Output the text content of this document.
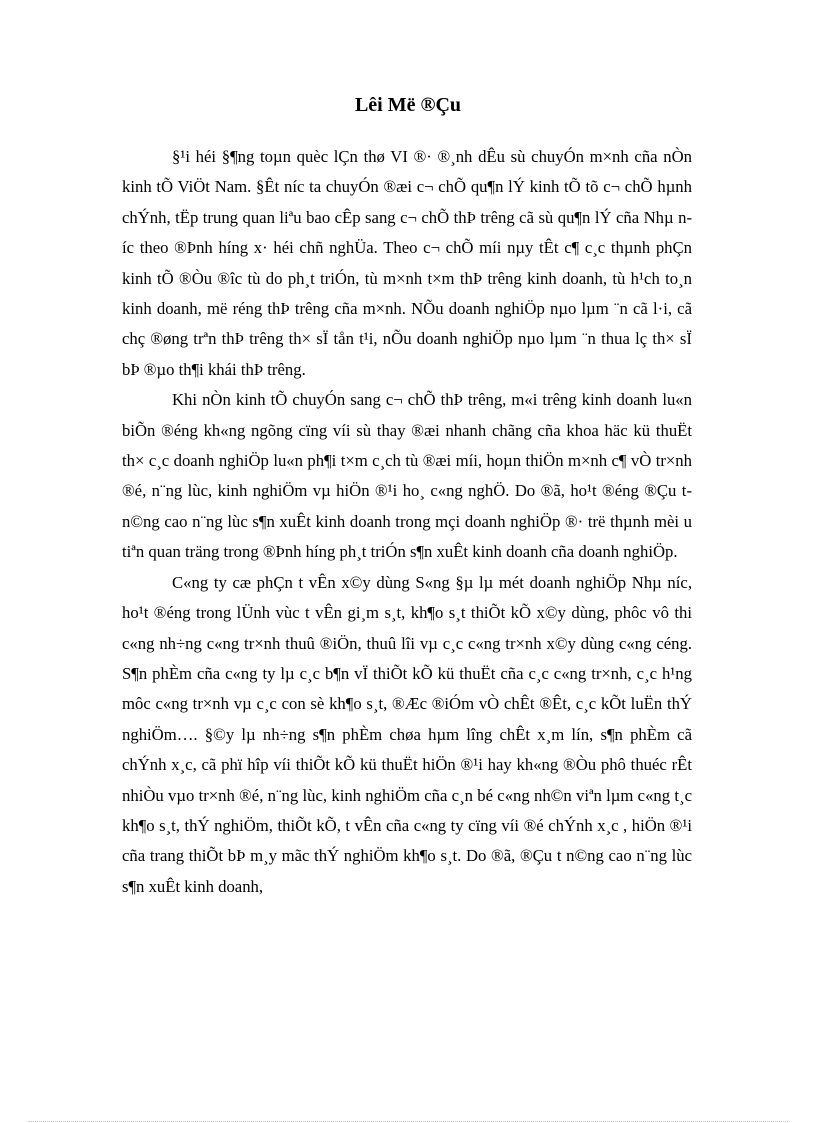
Lêi Më ®Çu

§¹i héi §¶ng toµn quèc lÇn thø VI ®· ®¸nh dÊu sù chuyÓn m×nh cña nÒn kinh tÕ ViÖt Nam. §Êt níc ta chuyÓn ®æi c¬ chÕ qu¶n lÝ kinh tÕ tõ c¬ chÕ hµnh chÝnh, tËp trung quan liªu bao cÊp sang c¬ chÕ thÞ trêng cã sù qu¶n lÝ cña Nhµ níc theo ®Þnh híng x· héi chñ nghÜa. Theo c¬ chÕ míi nµy tÊt c¶ c¸c thµnh phÇn kinh tÕ ®Òu ®îc tù do ph¸t triÓn, tù m×nh t×m thÞ trêng kinh doanh, tù h¹ch to¸n kinh doanh, më réng thÞ trêng cña m×nh. NÕu doanh nghiÖp nµo lµm ¨n cã l·i, cã chç ®øng trªn thÞ trêng th× sÏ tån t¹i, nÕu doanh nghiÖp nµo lµm ¨n thua lç th× sÏ bÞ ®µo th¶i khái thÞ trêng.

Khi nÒn kinh tÕ chuyÓn sang c¬ chÕ thÞ trêng, m«i trêng kinh doanh lu«n biÕn ®éng kh«ng ngõng cïng víi sù thay ®æi nhanh chãng cña khoa häc kü thuËt th× c¸c doanh nghiÖp lu«n ph¶i t×m c¸ch tù ®æi míi, hoµn thiÖn m×nh c¶ vÒ tr×nh ®é, n¨ng lùc, kinh nghiÖm vµ hiÖn ®¹i ho¸ c«ng nghÖ. Do ®ã, ho¹t ®éng ®Çu t n©ng cao n¨ng lùc s¶n xuÊt kinh doanh trong mçi doanh nghiÖp ®· trë thµnh mèi u tiªn quan träng trong ®Þnh híng ph¸t triÓn s¶n xuÊt kinh doanh cña doanh nghiÖp.

C«ng ty cæ phÇn t vÊn x©y dùng S«ng §µ lµ mét doanh nghiÖp Nhµ níc, ho¹t ®éng trong lÜnh vùc t vÊn gi¸m s¸t, kh¶o s¸t thiÕt kÕ x©y dùng, phôc vô thi c«ng nh÷ng c«ng tr×nh thuû ®iÖn, thuû lîi vµ c¸c c«ng tr×nh x©y dùng c«ng céng. S¶n phÈm cña c«ng ty lµ c¸c b¶n vÏ thiÕt kÕ kü thuËt cña c¸c c«ng tr×nh, c¸c h¹ng môc c«ng tr×nh vµ c¸c con sè kh¶o s¸t, ®Æc ®iÓm vÒ chÊt ®Êt, c¸c kÕt luËn thÝ nghiÖm…. §©y lµ nh÷ng s¶n phÈm chøa hµm lîng chÊt x¸m lín, s¶n phÈm cã chÝnh x¸c, cã phï hîp víi thiÕt kÕ kü thuËt hiÖn ®¹i hay kh«ng ®Òu phô thuéc rÊt nhiÒu vµo tr×nh ®é, n¨ng lùc, kinh nghiÖm cña c¸n bé c«ng nh©n viªn lµm c«ng t¸c kh¶o s¸t, thÝ nghiÖm, thiÕt kÕ, t vÊn cña c«ng ty cïng víi ®é chÝnh x¸c , hiÖn ®¹i cña trang thiÕt bÞ m¸y mãc thÝ nghiÖm kh¶o s¸t. Do ®ã, ®Çu t n©ng cao n¨ng lùc s¶n xuÊt kinh doanh,
